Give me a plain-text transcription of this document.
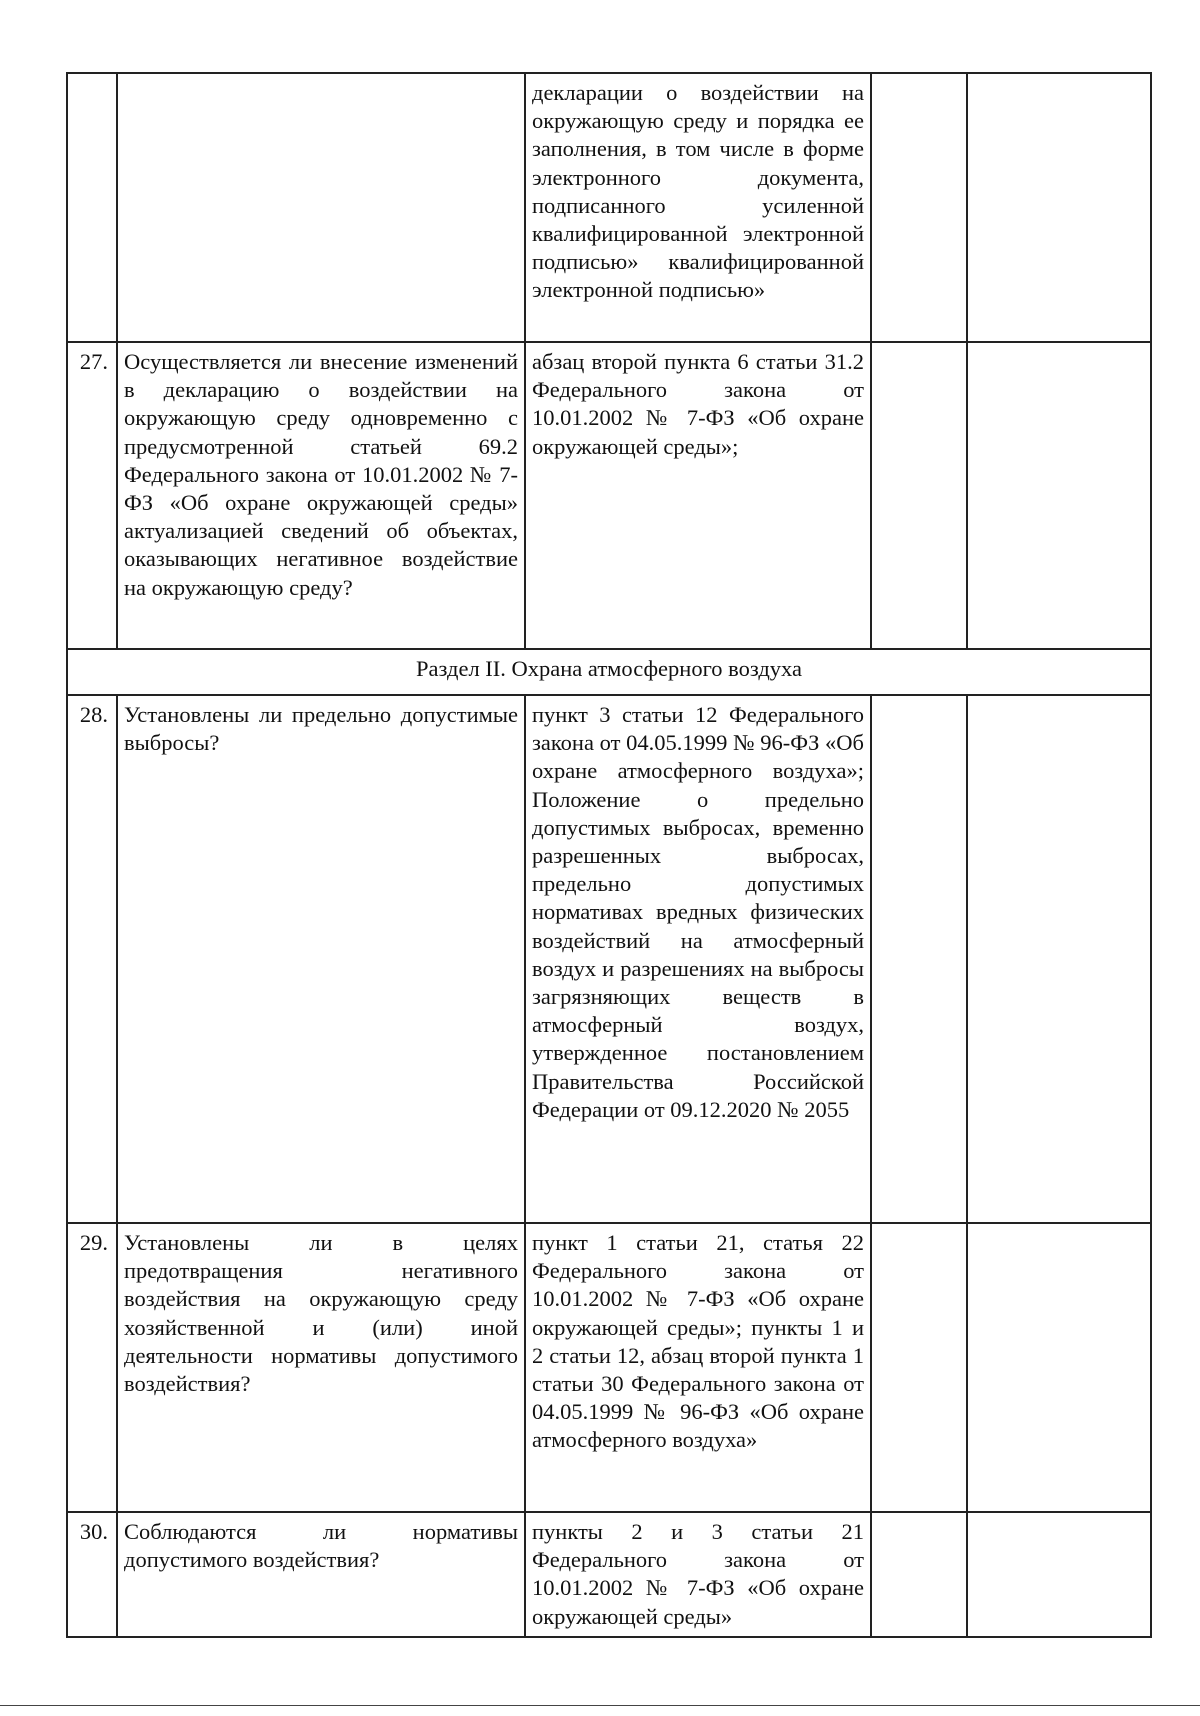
		декларации о воздействии на окружающую среду и порядка ее заполнения, в том числе в форме электронного документа, подписанного усиленной квалифицированной электронной подписью» квалифицированной электронной подписью»		
27.	Осуществляется ли внесение изменений в декларацию о воздействии на окружающую среду одновременно с предусмотренной статьей 69.2 Федерального закона от 10.01.2002 № 7-ФЗ «Об охране окружающей среды» актуализацией сведений об объектах, оказывающих негативное воздействие на окружающую среду?	абзац второй пункта 6 статьи 31.2 Федерального закона от 10.01.2002 № 7-ФЗ «Об охране окружающей среды»;		
Раздел II. Охрана атмосферного воздуха				
28.	Установлены ли предельно допустимые выбросы?	пункт 3 статьи 12 Федерального закона от 04.05.1999 № 96-ФЗ «Об охране атмосферного воздуха»; Положение о предельно допустимых выбросах, временно разрешенных выбросах, предельно допустимых нормативах вредных физических воздействий на атмосферный воздух и разрешениях на выбросы загрязняющих веществ в атмосферный воздух, утвержденное постановлением Правительства Российской Федерации от 09.12.2020 № 2055		
29.	Установлены ли в целях предотвращения негативного воздействия на окружающую среду хозяйственной и (или) иной деятельности нормативы допустимого воздействия?	пункт 1 статьи 21, статья 22 Федерального закона от 10.01.2002 № 7-ФЗ «Об охране окружающей среды»; пункты 1 и 2 статьи 12, абзац второй пункта 1 статьи 30 Федерального закона от 04.05.1999 № 96-ФЗ «Об охране атмосферного воздуха»		
30.	Соблюдаются ли нормативы допустимого воздействия?	пункты 2 и 3 статьи 21 Федерального закона от 10.01.2002 № 7-ФЗ «Об охране окружающей среды»		
